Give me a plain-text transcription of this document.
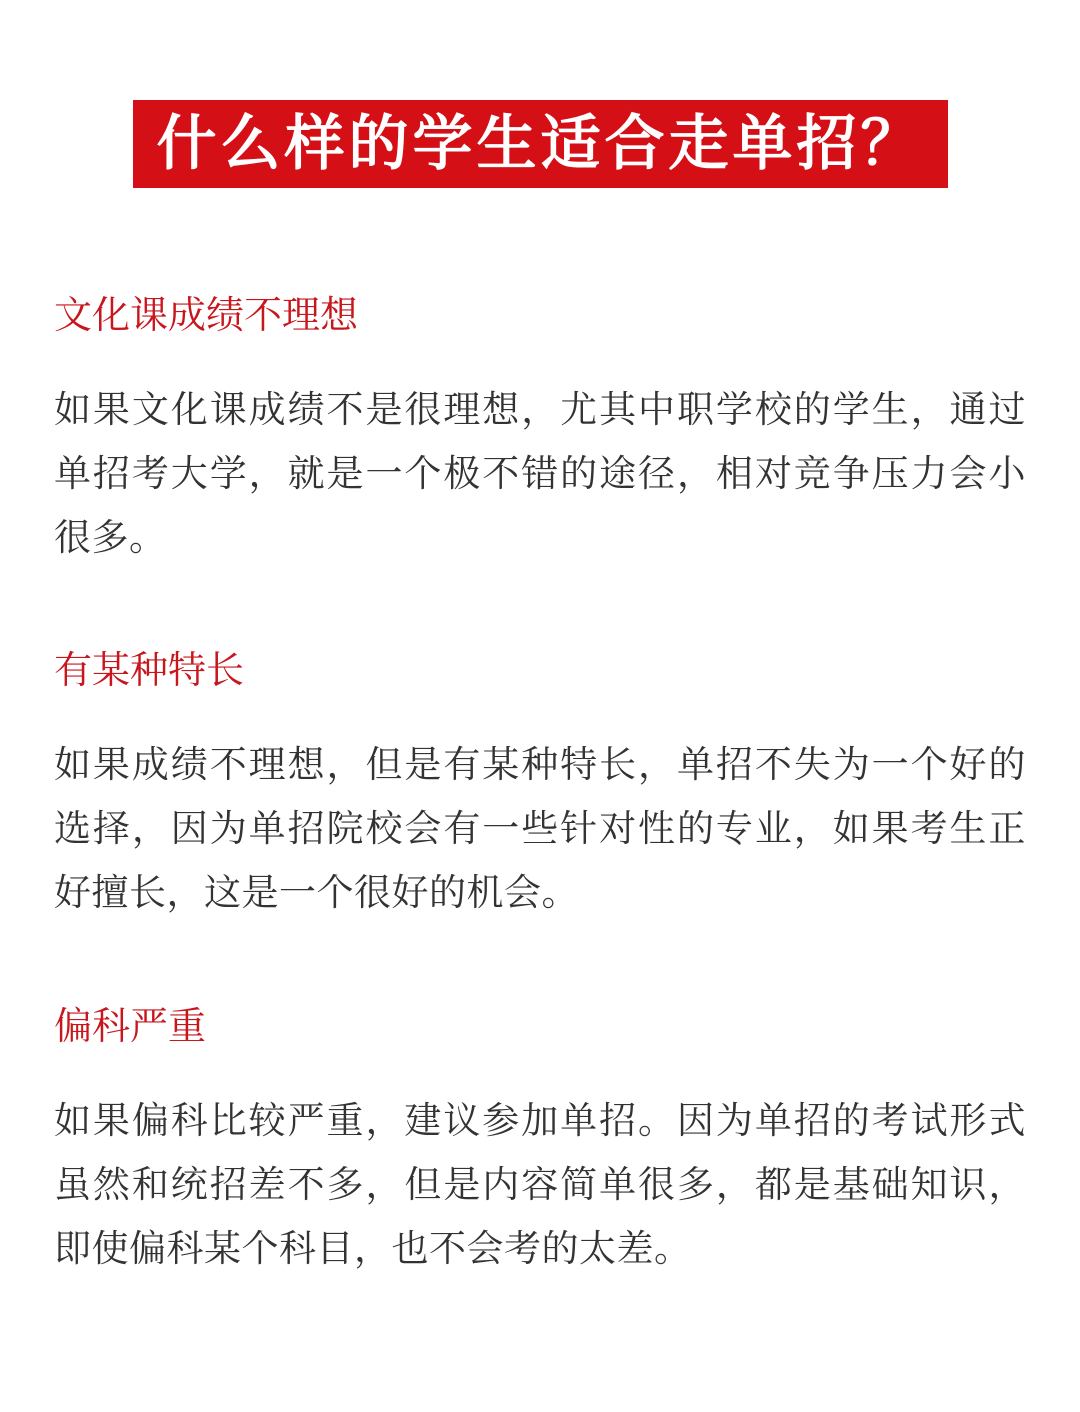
什么样的学生适合走单招？
文化课成绩不理想

如果文化课成绩不是很理想，尤其中职学校的学生，通过单招考大学，就是一个极不错的途径，相对竞争压力会小很多。

有某种特长

如果成绩不理想，但是有某种特长，单招不失为一个好的选择，因为单招院校会有一些针对性的专业，如果考生正好擅长，这是一个很好的机会。

偏科严重

如果偏科比较严重，建议参加单招。因为单招的考试形式虽然和统招差不多，但是内容简单很多，都是基础知识，即使偏科某个科目，也不会考的太差。
